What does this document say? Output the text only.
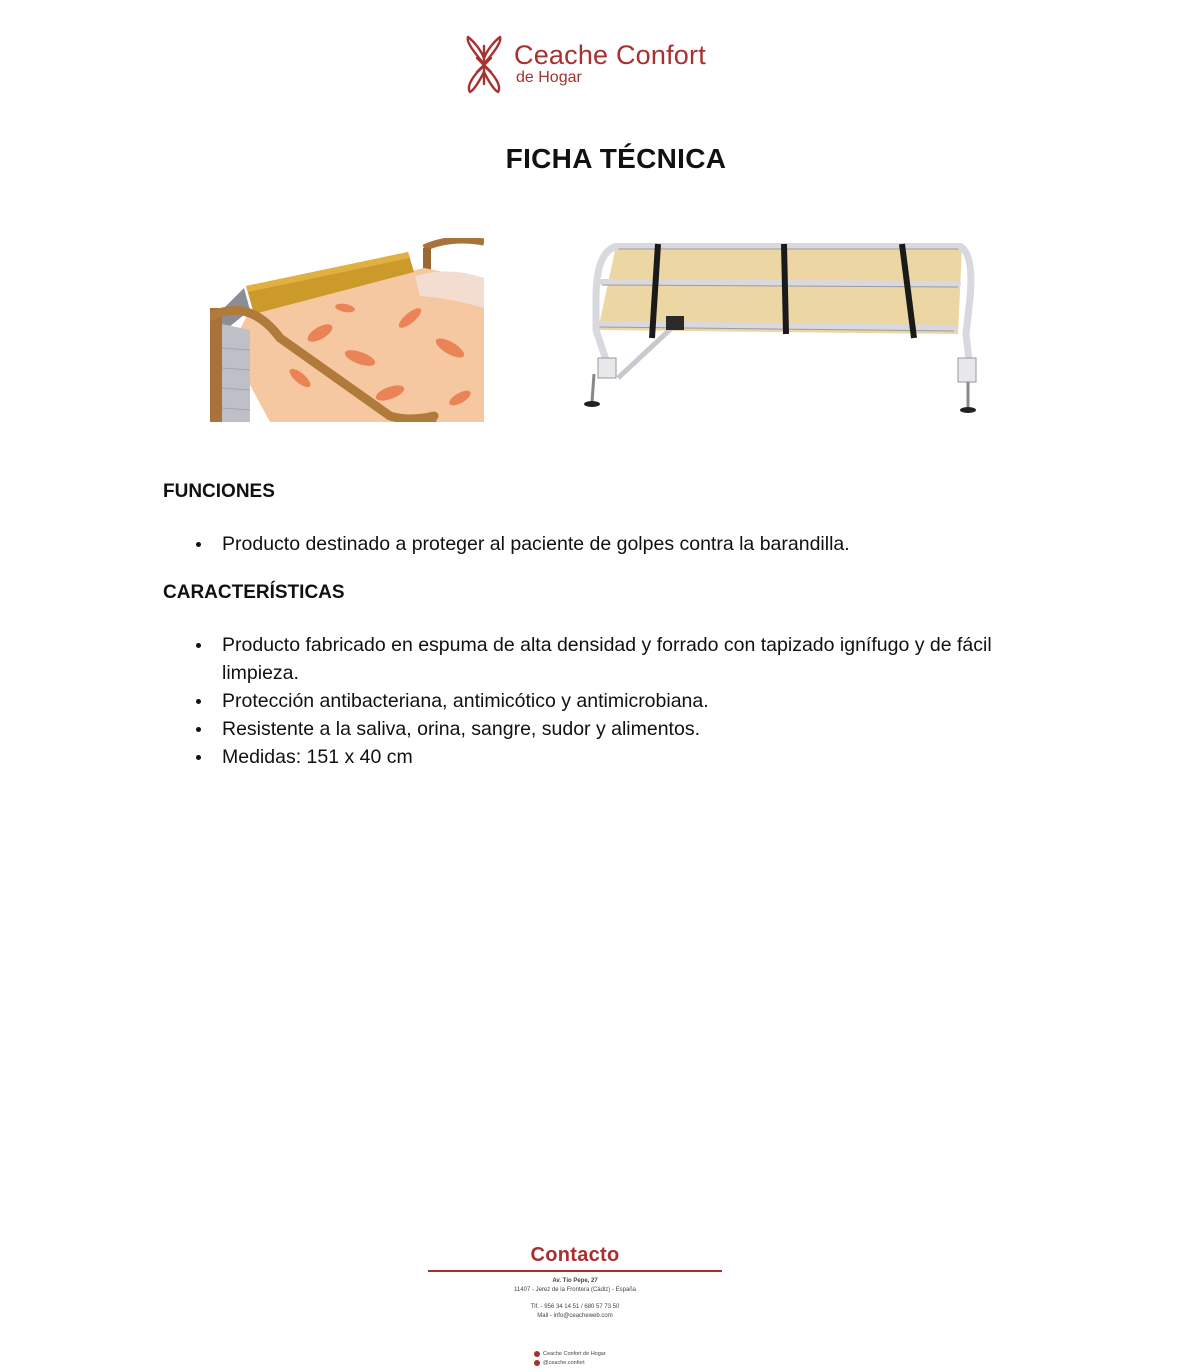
Ceache Confort
de Hogar
FICHA TÉCNICA
FUNCIONES
Producto destinado a proteger al paciente de golpes contra la barandilla.
CARACTERÍSTICAS
Producto fabricado en espuma de alta densidad y forrado con tapizado ignífugo y de fácil limpieza.
Protección antibacteriana, antimicótico y antimicrobiana.
Resistente a la saliva, orina, sangre, sudor y alimentos.
Medidas: 151 x 40 cm
Contacto
Av. Tío Pepe, 27
11407 - Jerez de la Frontera (Cádiz) - España
Tlf. - 956 34 14 51 / 680 57 73 50
Mail - info@ceacheweb.com
Ceache Confort de Hogar
@ceache.confort
